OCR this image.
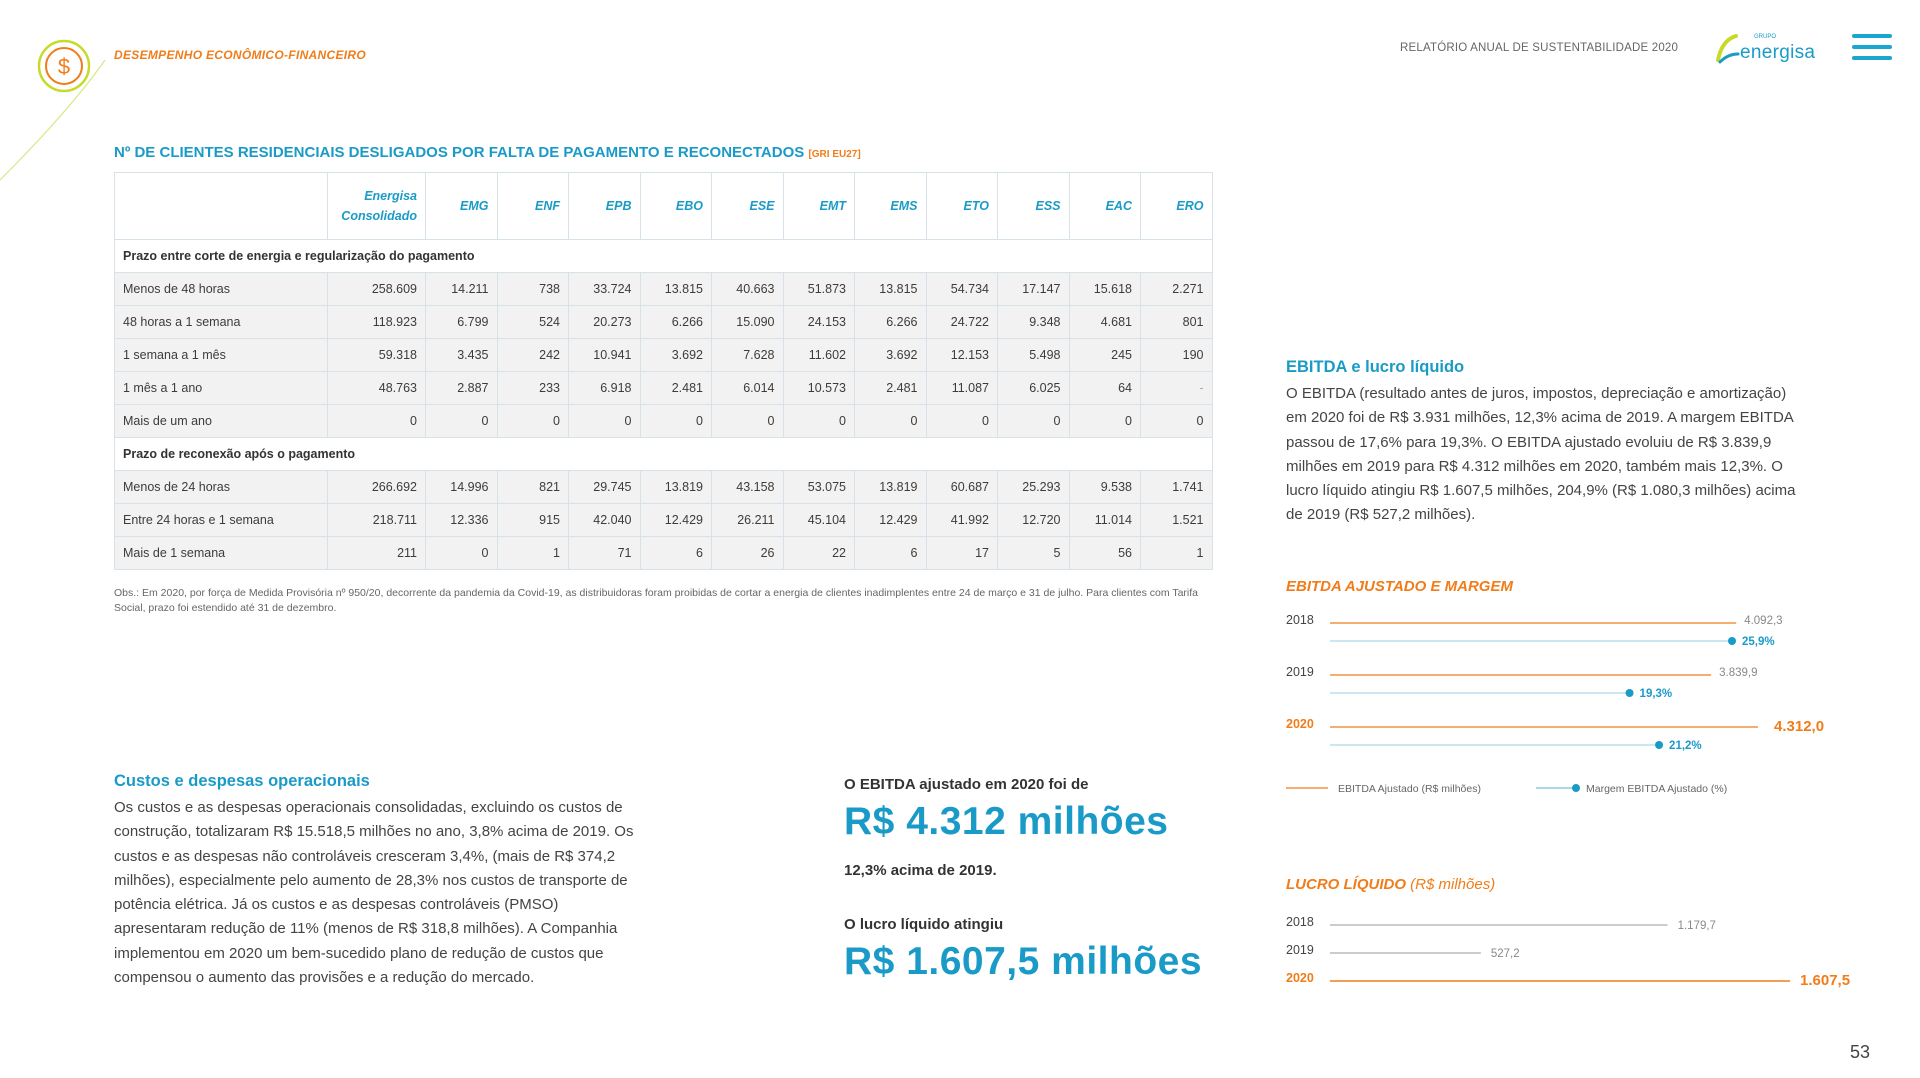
$	DESEMPENHO ECONÔMICO-FINANCEIRO	RELATÓRIO ANUAL DE SUSTENTABILIDADE 2020
GRUPO
energisa
Nº DE CLIENTES RESIDENCIAIS DESLIGADOS POR FALTA DE PAGAMENTO E RECONECTADOS [GRI EU27]
	Energisa Consolidado	EMG	ENF	EPB	EBO	ESE	EMT	EMS	ETO	ESS	EAC	ERO
Prazo entre corte de energia e regularização do pagamento												
Menos de 48 horas	258.609	14.211	738	33.724	13.815	40.663	51.873	13.815	54.734	17.147	15.618	2.271
48 horas a 1 semana	118.923	6.799	524	20.273	6.266	15.090	24.153	6.266	24.722	9.348	4.681	801
1 semana a 1 mês	59.318	3.435	242	10.941	3.692	7.628	11.602	3.692	12.153	5.498	245	190
1 mês a 1 ano	48.763	2.887	233	6.918	2.481	6.014	10.573	2.481	11.087	6.025	64	-
Mais de um ano	0	0	0	0	0	0	0	0	0	0	0	0
Prazo de reconexão após o pagamento												
Menos de 24 horas	266.692	14.996	821	29.745	13.819	43.158	53.075	13.819	60.687	25.293	9.538	1.741
Entre 24 horas e 1 semana	218.711	12.336	915	42.040	12.429	26.211	45.104	12.429	41.992	12.720	11.014	1.521
Mais de 1 semana	211	0	1	71	6	26	22	6	17	5	56	1
Obs.: Em 2020, por força de Medida Provisória nº 950/20, decorrente da pandemia da Covid-19, as distribuidoras foram proibidas de cortar a energia de clientes inadimplentes entre 24 de março e 31 de julho. Para clientes com Tarifa Social, prazo foi estendido até 31 de dezembro.
Custos e despesas operacionais
Os custos e as despesas operacionais consolidadas, excluindo os custos de construção, totalizaram R$ 15.518,5 milhões no ano, 3,8% acima de 2019. Os custos e as despesas não controláveis cresceram 3,4%, (mais de R$ 374,2 milhões), especialmente pelo aumento de 28,3% nos custos de transporte de potência elétrica. Já os custos e as despesas controláveis (PMSO) apresentaram redução de 11% (menos de R$ 318,8 milhões). A Companhia implementou em 2020 um bem-sucedido plano de redução de custos que compensou o aumento das provisões e a redução do mercado.
O EBITDA ajustado em 2020 foi de
R$ 4.312 milhões
12,3% acima de 2019.
O lucro líquido atingiu
R$ 1.607,5 milhões
EBITDA e lucro líquido
O EBITDA (resultado antes de juros, impostos, depreciação e amortização) em 2020 foi de R$ 3.931 milhões, 12,3% acima de 2019. A margem EBITDA passou de 17,6% para 19,3%. O EBITDA ajustado evoluiu de R$ 3.839,9 milhões em 2019 para R$ 4.312 milhões em 2020, também mais 12,3%. O lucro líquido atingiu R$ 1.607,5 milhões, 204,9% (R$ 1.080,3 milhões) acima de 2019 (R$ 527,2 milhões).
EBITDA AJUSTADO E MARGEM
2018	4.092,3
25,9%
2019	3.839,9
19,3%
2020	4.312,0
21,2%
EBITDA Ajustado (R$ milhões)	Margem EBITDA Ajustado (%)
LUCRO LÍQUIDO (R$ milhões)
2018	1.179,7
2019	527,2
2020	1.607,5
53
